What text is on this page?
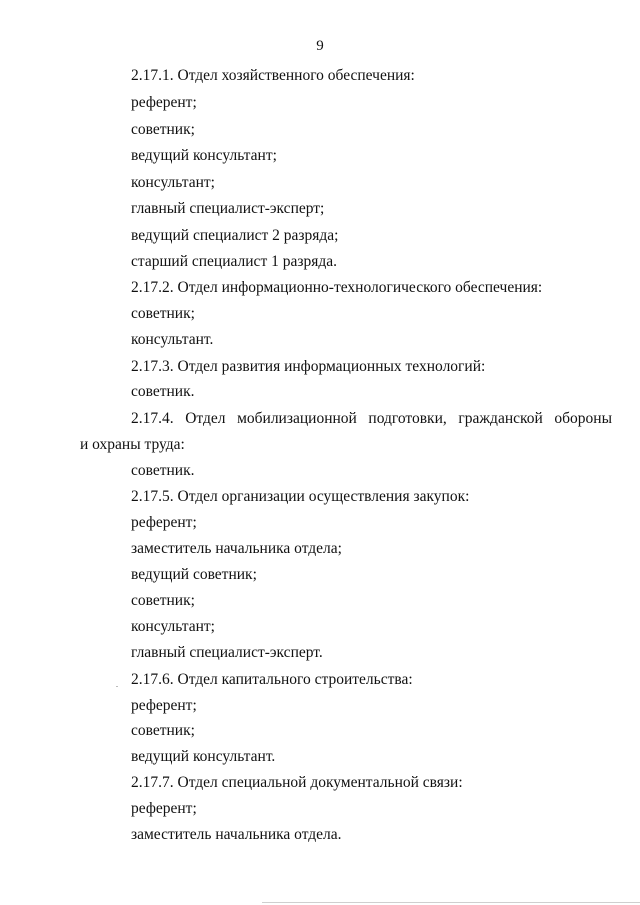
9
2.17.1. Отдел хозяйственного обеспечения:
референт;
советник;
ведущий консультант;
консультант;
главный специалист-эксперт;
ведущий специалист 2 разряда;
старший специалист 1 разряда.
2.17.2. Отдел информационно-технологического обеспечения:
советник;
консультант.
2.17.3. Отдел развития информационных технологий:
советник.
2.17.4. Отдел мобилизационной подготовки, гражданской обороны
и охраны труда:
советник.
2.17.5. Отдел организации осуществления закупок:
референт;
заместитель начальника отдела;
ведущий советник;
советник;
консультант;
главный специалист-эксперт.
2.17.6. Отдел капитального строительства:
референт;
советник;
ведущий консультант.
2.17.7. Отдел специальной документальной связи:
референт;
заместитель начальника отдела.
